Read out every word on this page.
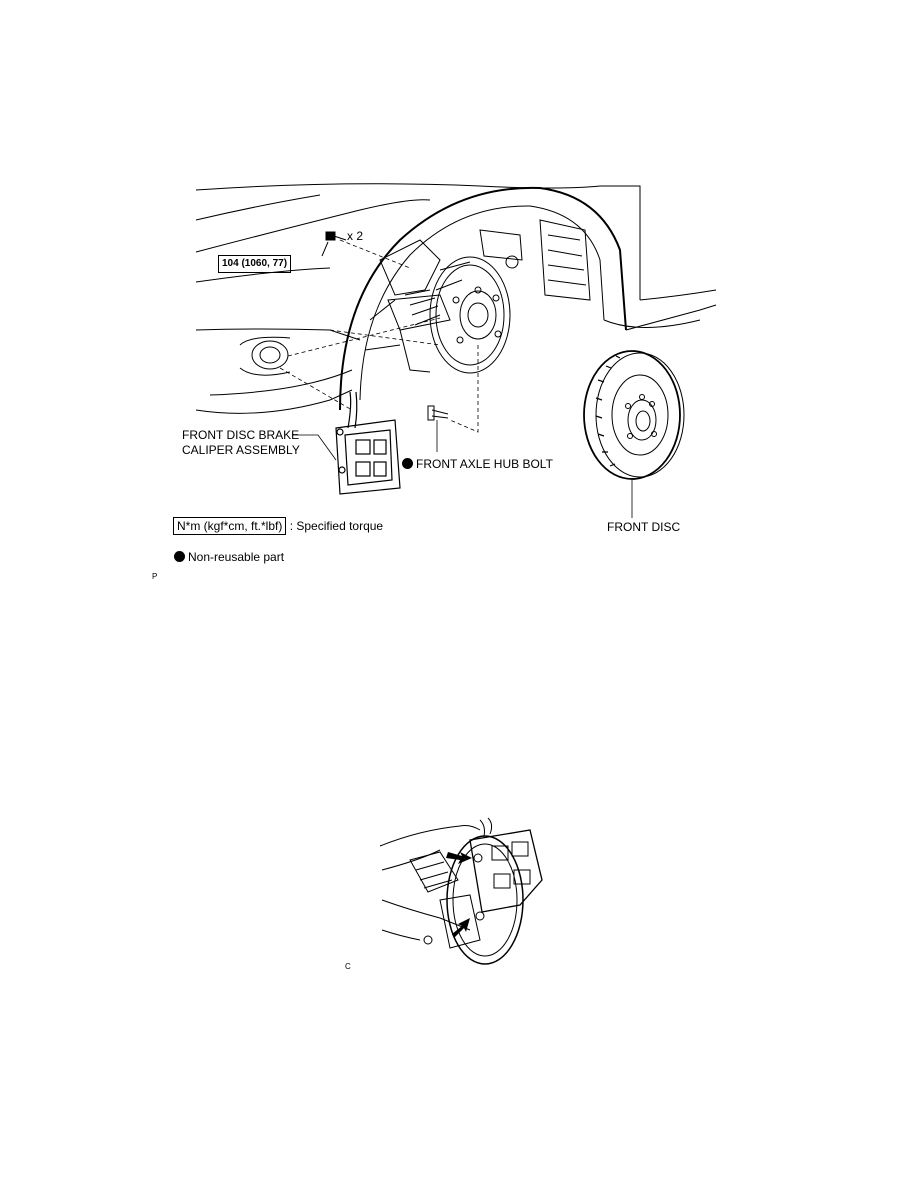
x 2
104 (1060, 77)
FRONT DISC BRAKE
CALIPER ASSEMBLY
FRONT AXLE HUB BOLT
FRONT DISC
N*m (kgf*cm, ft.*lbf) : Specified torque
Non-reusable part
P
C
